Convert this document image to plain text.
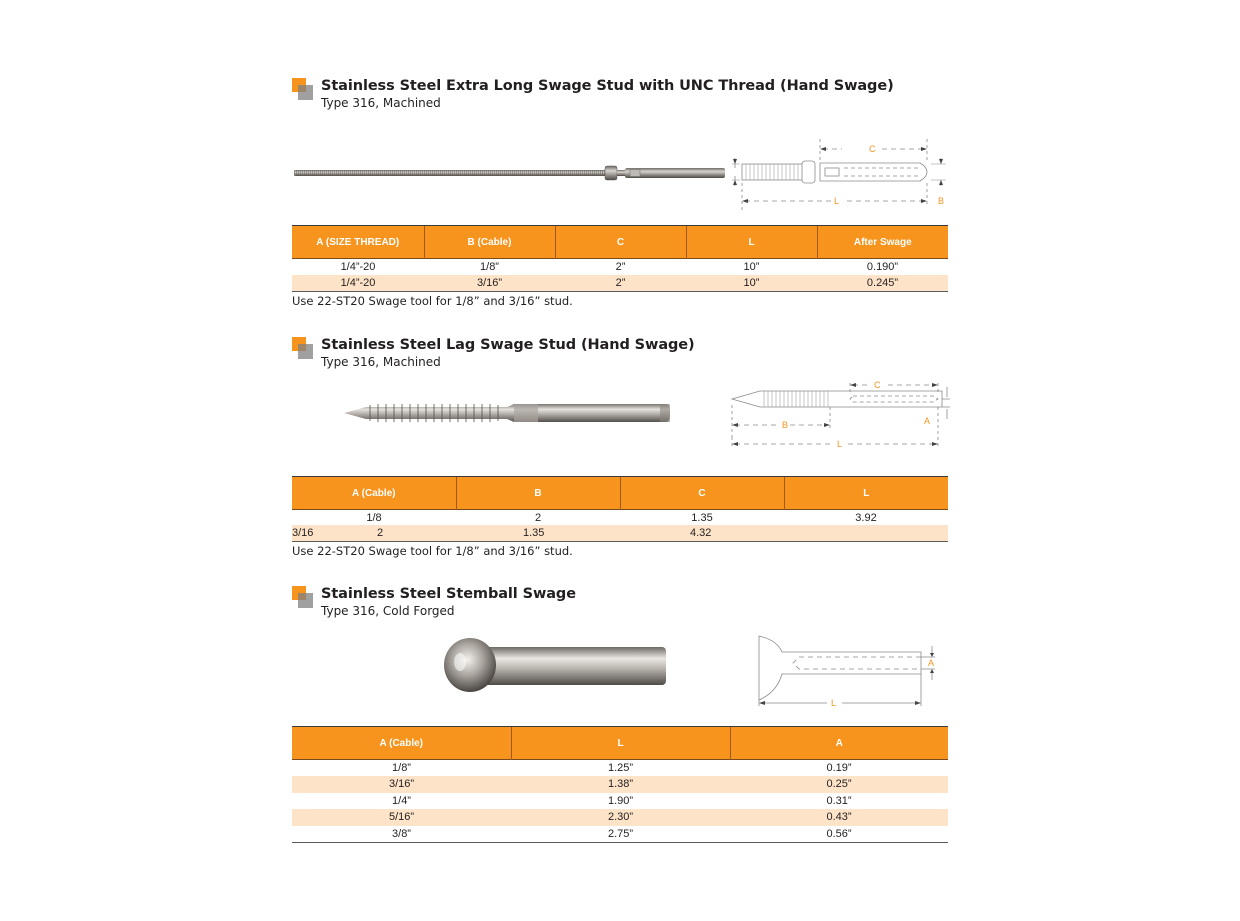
Stainless Steel Extra Long Swage Stud with UNC Thread (Hand Swage)
Type 316, Machined
C
L	B
A (SIZE THREAD)	B (Cable)	C	L	After Swage
1/4”-20	1/8”	2”	10”	0.190”
1/4”-20	3/16”	2”	10”	0.245”
Use 22-ST20 Swage tool for 1/8” and 3/16” stud.
Stainless Steel Lag Swage Stud (Hand Swage)
Type 316, Machined
C
A
B
L
A (Cable)	B	C	L
1/8	2	1.35	3.92
3/16	2	1.35	4.32
Use 22-ST20 Swage tool for 1/8” and 3/16” stud.
Stainless Steel Stemball Swage
Type 316, Cold Forged
A
L
A (Cable)	L	A
1/8”	1.25”	0.19”
3/16”	1.38”	0.25”
1/4”	1.90”	0.31”
5/16”	2.30”	0.43”
3/8”	2.75”	0.56”
